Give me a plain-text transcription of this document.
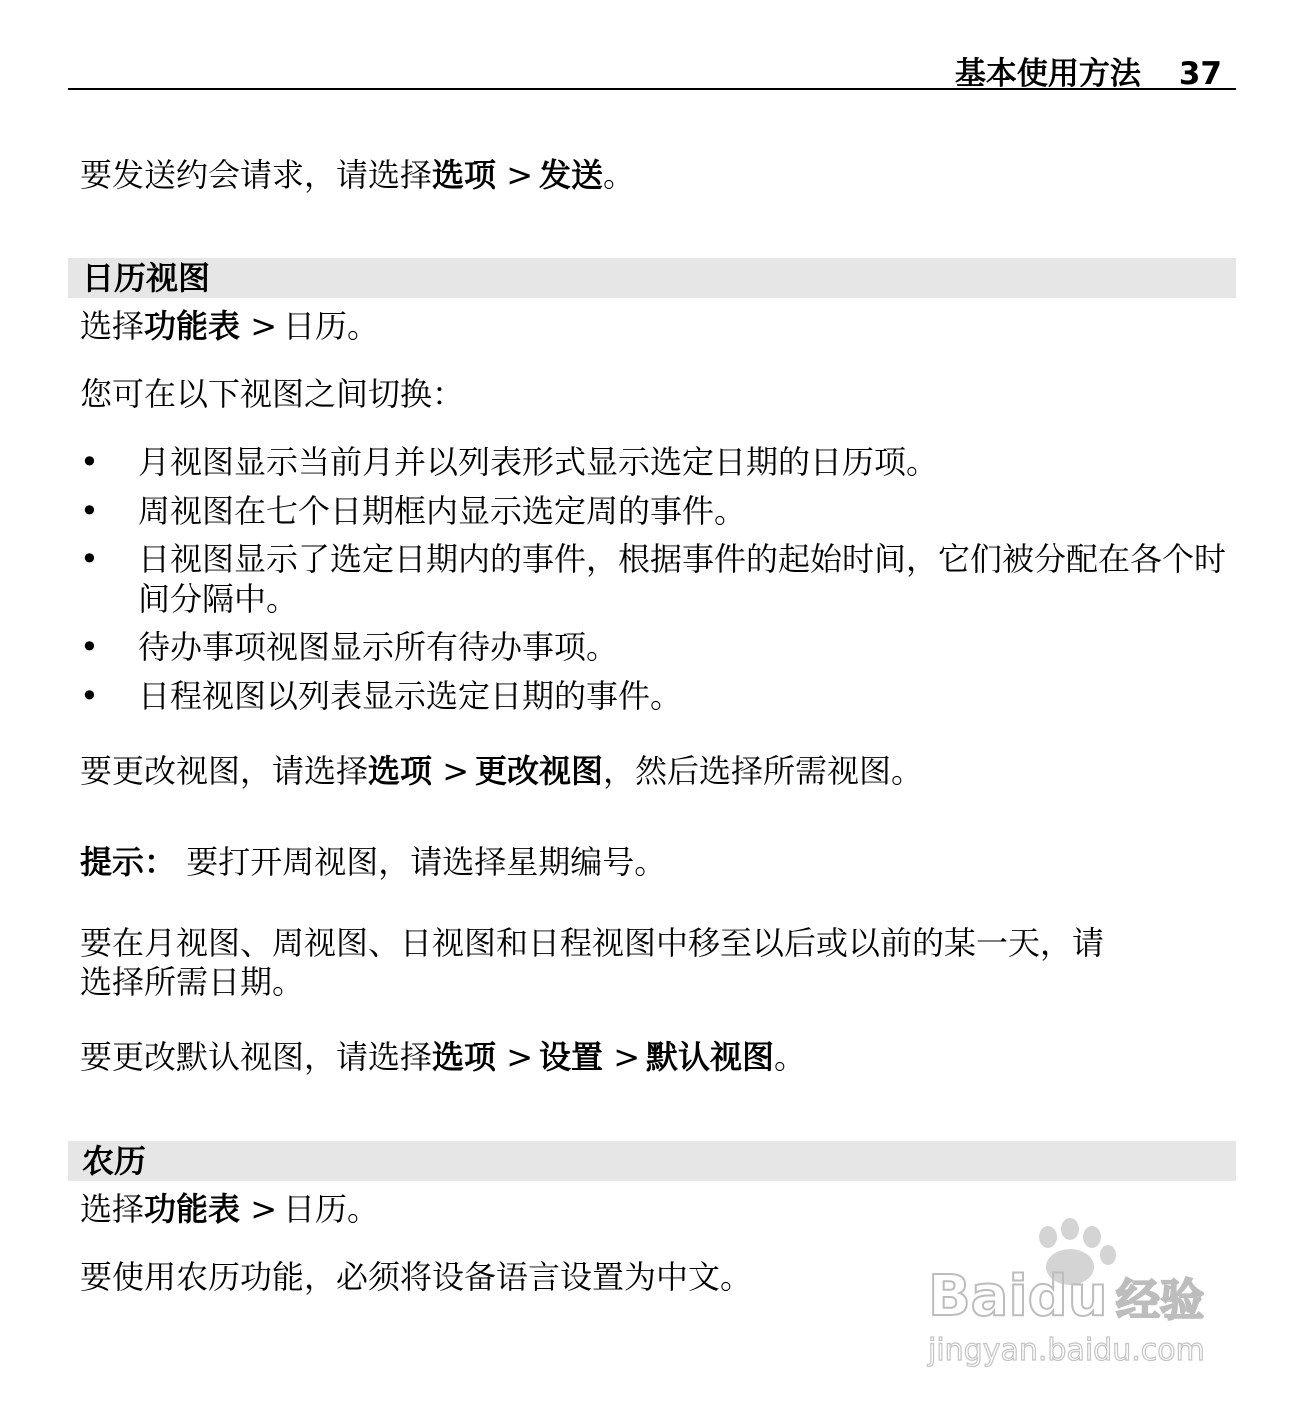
基本使用方法 37
要发送约会请求，请选择选项 > 发送。
日历视图
选择功能表 > 日历。
您可在以下视图之间切换：
• 月视图显示当前月并以列表形式显示选定日期的日历项。
• 周视图在七个日期框内显示选定周的事件。
• 日视图显示了选定日期内的事件，根据事件的起始时间，它们被分配在各个时间分隔中。
• 待办事项视图显示所有待办事项。
• 日程视图以列表显示选定日期的事件。
要更改视图，请选择选项 > 更改视图，然后选择所需视图。
提示： 要打开周视图，请选择星期编号。
要在月视图、周视图、日视图和日程视图中移至以后或以前的某一天，请
选择所需日期。
要更改默认视图，请选择选项 > 设置 > 默认视图。
农历
选择功能表 > 日历。
要使用农历功能，必须将设备语言设置为中文。	Baidu 经验
jingyan.baidu.com
